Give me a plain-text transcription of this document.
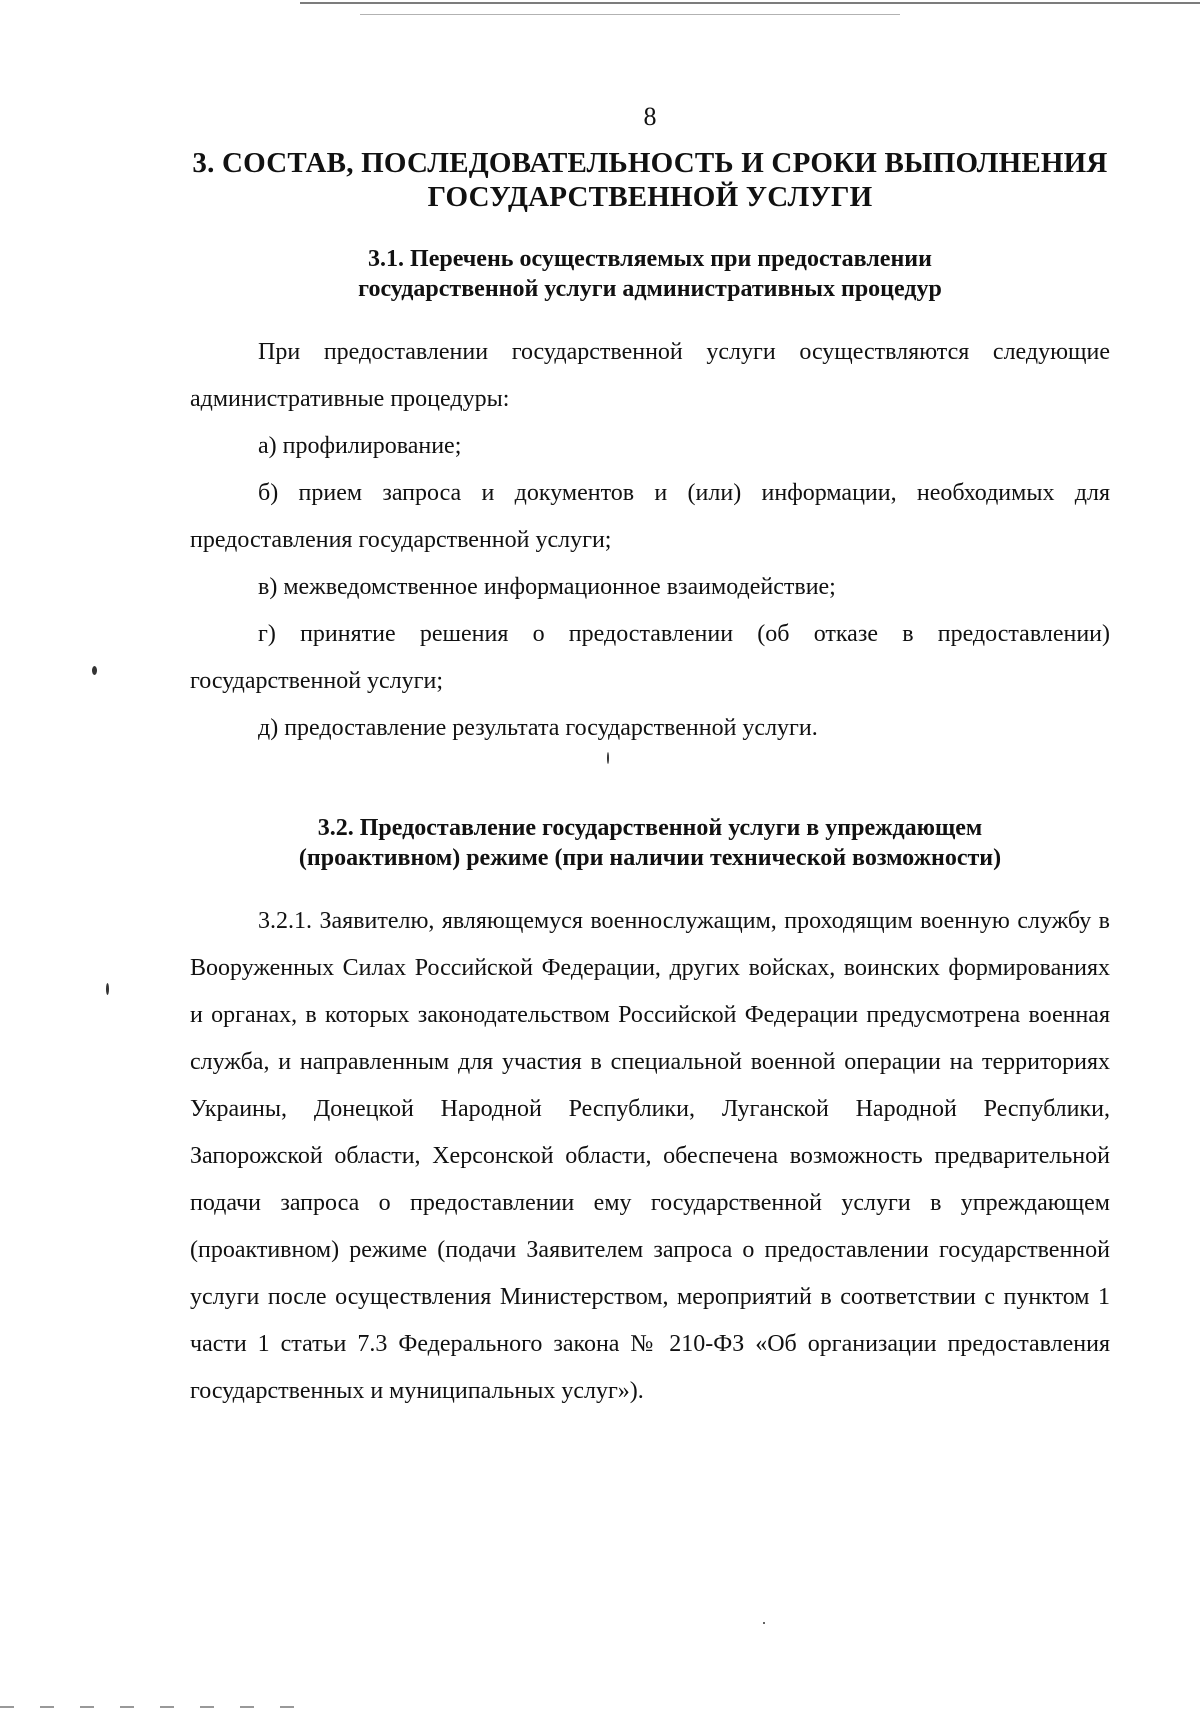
8
3. СОСТАВ, ПОСЛЕДОВАТЕЛЬНОСТЬ И СРОКИ ВЫПОЛНЕНИЯ
ГОСУДАРСТВЕННОЙ УСЛУГИ
3.1. Перечень осуществляемых при предоставлении
государственной услуги административных процедур

При предоставлении государственной услуги осуществляются следующие административные процедуры:

а) профилирование;

б) прием запроса и документов и (или) информации, необходимых для предоставления государственной услуги;

в) межведомственное информационное взаимодействие;

г) принятие решения о предоставлении (об отказе в предоставлении) государственной услуги;

д) предоставление результата государственной услуги.

3.2. Предоставление государственной услуги в упреждающем
(проактивном) режиме (при наличии технической возможности)

3.2.1. Заявителю, являющемуся военнослужащим, проходящим военную службу в Вооруженных Силах Российской Федерации, других войсках, воинских формированиях и органах, в которых законодательством Российской Федерации предусмотрена военная служба, и направленным для участия в специальной военной операции на территориях Украины, Донецкой Народной Республики, Луганской Народной Республики, Запорожской области, Херсонской области, обеспечена возможность предварительной подачи запроса о предоставлении ему государственной услуги в упреждающем (проактивном) режиме (подачи Заявителем запроса о предоставлении государственной услуги после осуществления Министерством, мероприятий в соответствии с пунктом 1 части 1 статьи 7.3 Федерального закона № 210-ФЗ «Об организации предоставления государственных и муниципальных услуг»).
